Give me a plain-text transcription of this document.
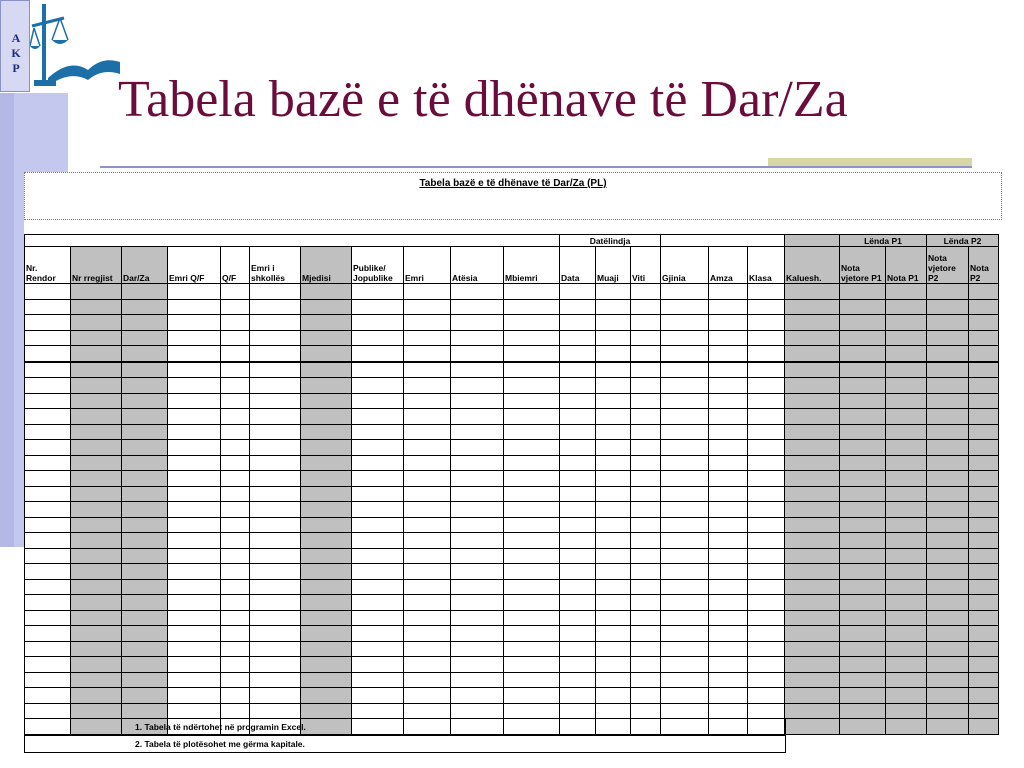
A
K
P
Tabela bazë e të dhënave të Dar/Za
Tabela bazë e të dhënave të Dar/Za (PL)
											Datëlindja							Lënda P1		Lënda P2	
Nr. Rendor	Nr rregjist	Dar/Za	Emri Q/F	Q/F	Emri i shkollës	Mjedisi	Publike/ Jopublike	Emri	Atësia	Mbiemri	Data	Muaji	Viti	Gjinia	Amza	Klasa	Kaluesh.	Nota vjetore P1	Nota P1	Nota vjetore P2	Nota P2

1. Tabela të ndërtohet në programin Excel.
2. Tabela të plotësohet me gërma kapitale.
